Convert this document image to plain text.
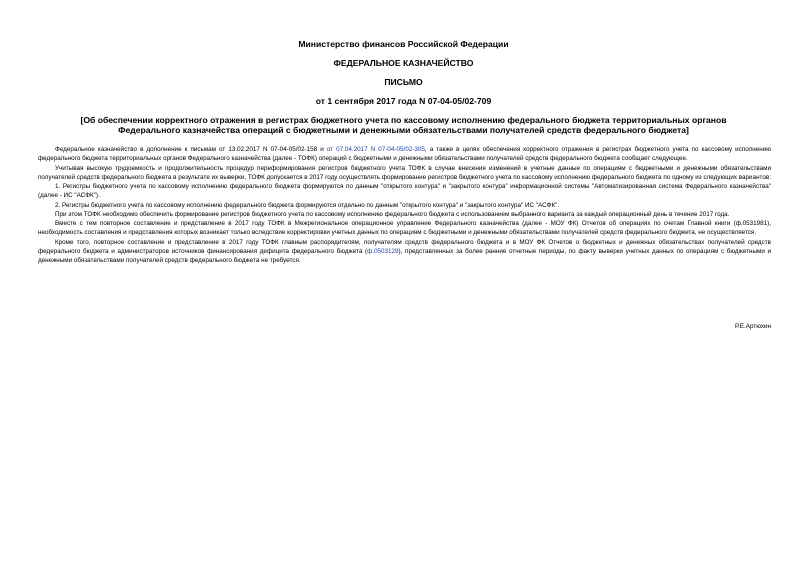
Министерство финансов Российской Федерации
ФЕДЕРАЛЬНОЕ КАЗНАЧЕЙСТВО
ПИСЬМО
от 1 сентября 2017 года N 07-04-05/02-709
[Об обеспечении корректного отражения в регистрах бюджетного учета по кассовому исполнению федерального бюджета территориальных органов
Федерального казначейства операций с бюджетными и денежными обязательствами получателей средств федерального бюджета]

Федеральное казначейство в дополнение к письмам от 13.02.2017 N 07-04-05/02-158 и от 07.04.2017 N 07-04-05/02-305, а также в целях обеспечения корректного отражения в регистрах бюджетного учета по кассовому исполнению федерального бюджета территориальных органов Федерального казначейства (далее - ТОФК) операций с бюджетными и денежными обязательствами получателей средств федерального бюджета сообщает следующее.

Учитывая высокую трудоемкость и продолжительность процедур переформирования регистров бюджетного учета ТОФК в случае внесения изменений в учетные данные по операциям с бюджетными и денежными обязательствами получателей средств федерального бюджета в результате их выверки, ТОФК допускается в 2017 году осуществлять формирование регистров бюджетного учета по кассовому исполнению федерального бюджета по одному из следующих вариантов:

1. Регистры бюджетного учета по кассовому исполнению федерального бюджета формируются по данным "открытого контура" и "закрытого контура" информационной системы "Автоматизированная система Федерального казначейства" (далее - ИС "АСФК").

2. Регистры бюджетного учета по кассовому исполнению федерального бюджета формируются отдельно по данным "открытого контура" и "закрытого контура" ИС "АСФК".

При этом ТОФК необходимо обеспечить формирование регистров бюджетного учета по кассовому исполнению федерального бюджета с использованием выбранного варианта за каждый операционный день в течение 2017 года.

Вместе с тем повторное составление и представление в 2017 году ТОФК в Межрегиональное операционное управление Федерального казначейства (далее - МОУ ФК) Отчетов об операциях по счетам Главной книги (ф.0531981), необходимость составления и представления которых возникает только вследствие корректировки учетных данных по операциям с бюджетными и денежными обязательствами получателей средств федерального бюджета, не осуществляется.

Кроме того, повторное составление и представление в 2017 году ТОФК главным распорядителям, получателям средств федерального бюджета и в МОУ ФК Отчетов о бюджетных и денежных обязательствах получателей средств федерального бюджета и администраторов источников финансирования дефицита федерального бюджета (ф.0503129), представленных за более ранние отчетные периоды, по факту выверки учетных данных по операциям с бюджетными и денежными обязательствами получателей средств федерального бюджета не требуется.

Р.Е.Артюхин
